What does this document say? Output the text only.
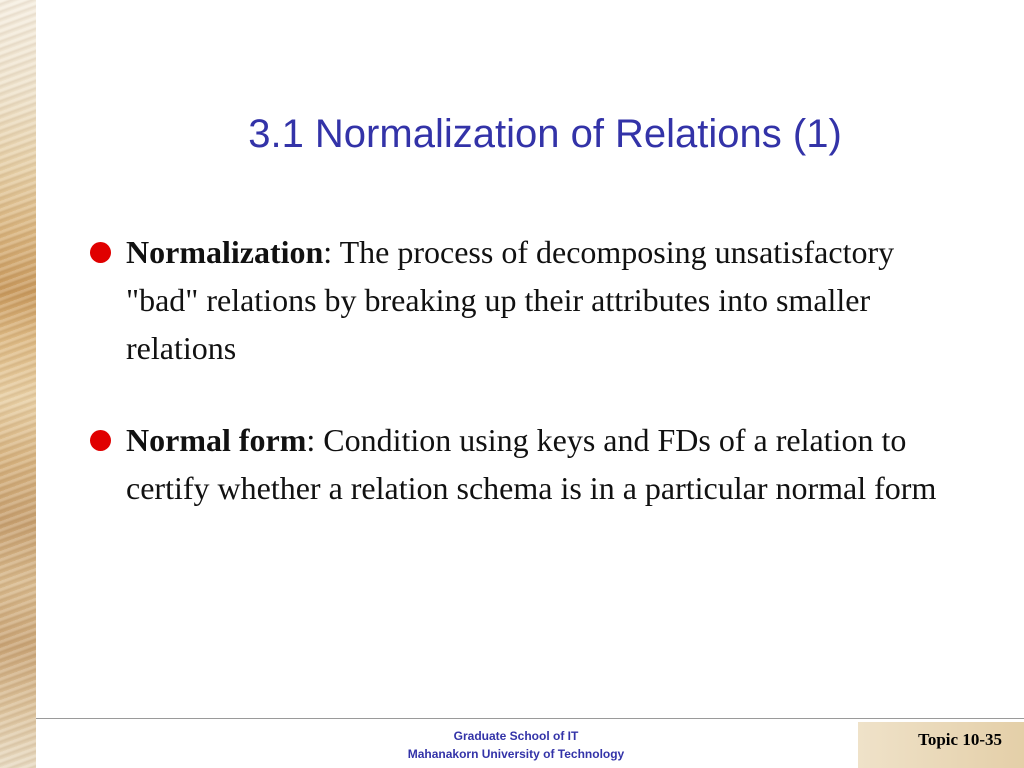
3.1 Normalization of Relations (1)
Normalization: The process of decomposing unsatisfactory "bad" relations by breaking up their attributes into smaller relations
Normal form: Condition using keys and FDs of a relation to certify whether a relation schema is in a particular normal form
Graduate School of IT
Mahanakorn University of Technology
Topic 10-35
